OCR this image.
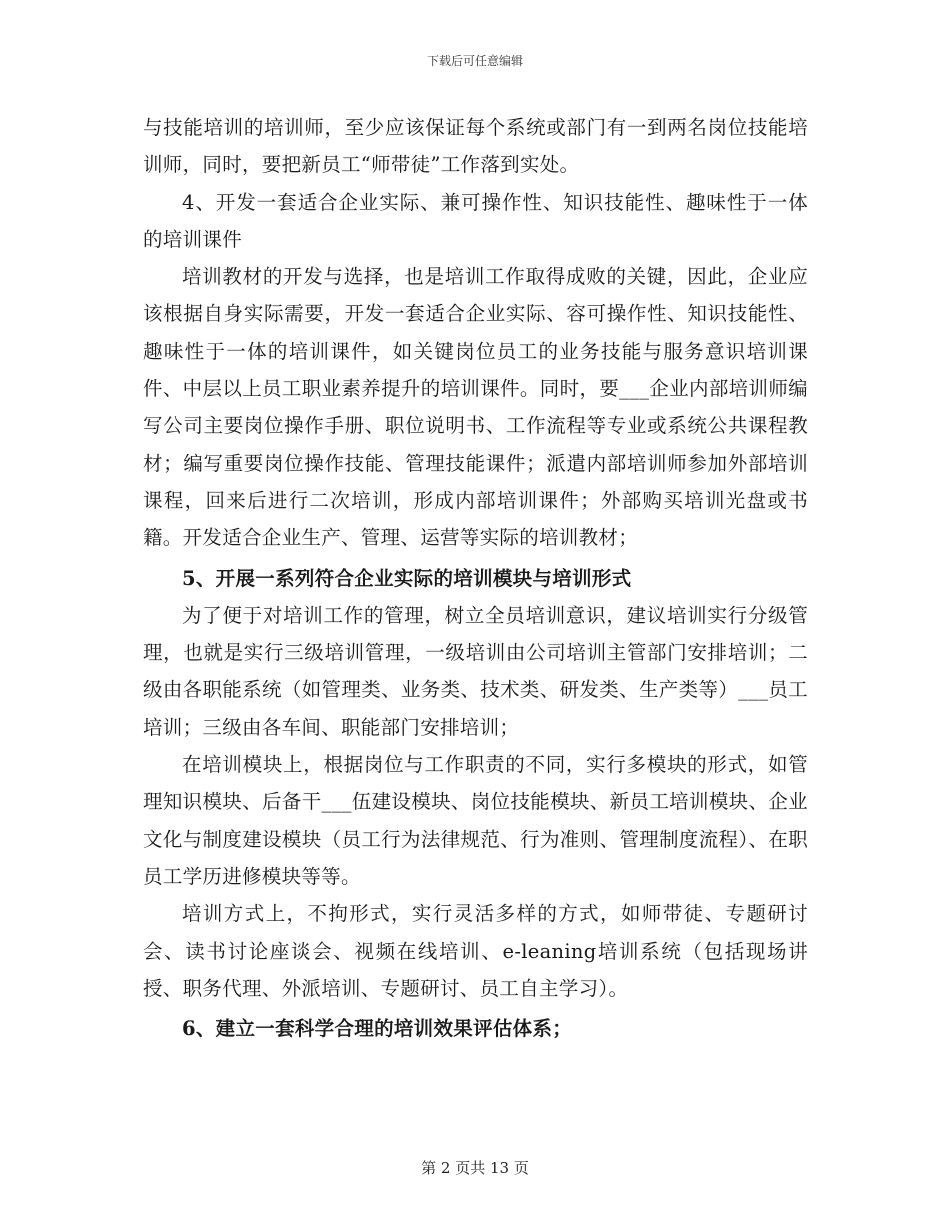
下载后可任意编辑

与技能培训的培训师，至少应该保证每个系统或部门有一到两名岗位技能培训师，同时，要把新员工“师带徒”工作落到实处。

4、开发一套适合企业实际、兼可操作性、知识技能性、趣味性于一体的培训课件

培训教材的开发与选择，也是培训工作取得成败的关键，因此，企业应该根据自身实际需要，开发一套适合企业实际、容可操作性、知识技能性、趣味性于一体的培训课件，如关键岗位员工的业务技能与服务意识培训课件、中层以上员工职业素养提升的培训课件。同时，要___企业内部培训师编写公司主要岗位操作手册、职位说明书、工作流程等专业或系统公共课程教材；编写重要岗位操作技能、管理技能课件；派遣内部培训师参加外部培训课程，回来后进行二次培训，形成内部培训课件；外部购买培训光盘或书籍。开发适合企业生产、管理、运营等实际的培训教材；

5、开展一系列符合企业实际的培训模块与培训形式

为了便于对培训工作的管理，树立全员培训意识，建议培训实行分级管理，也就是实行三级培训管理，一级培训由公司培训主管部门安排培训；二级由各职能系统（如管理类、业务类、技术类、研发类、生产类等）___员工培训；三级由各车间、职能部门安排培训；

在培训模块上，根据岗位与工作职责的不同，实行多模块的形式，如管理知识模块、后备干___伍建设模块、岗位技能模块、新员工培训模块、企业文化与制度建设模块（员工行为法律规范、行为准则、管理制度流程）、在职员工学历进修模块等等。

培训方式上，不拘形式，实行灵活多样的方式，如师带徒、专题研讨会、读书讨论座谈会、视频在线培训、e-leaning培训系统（包括现场讲授、职务代理、外派培训、专题研讨、员工自主学习）。

6、建立一套科学合理的培训效果评估体系；

第 2 页共 13 页
